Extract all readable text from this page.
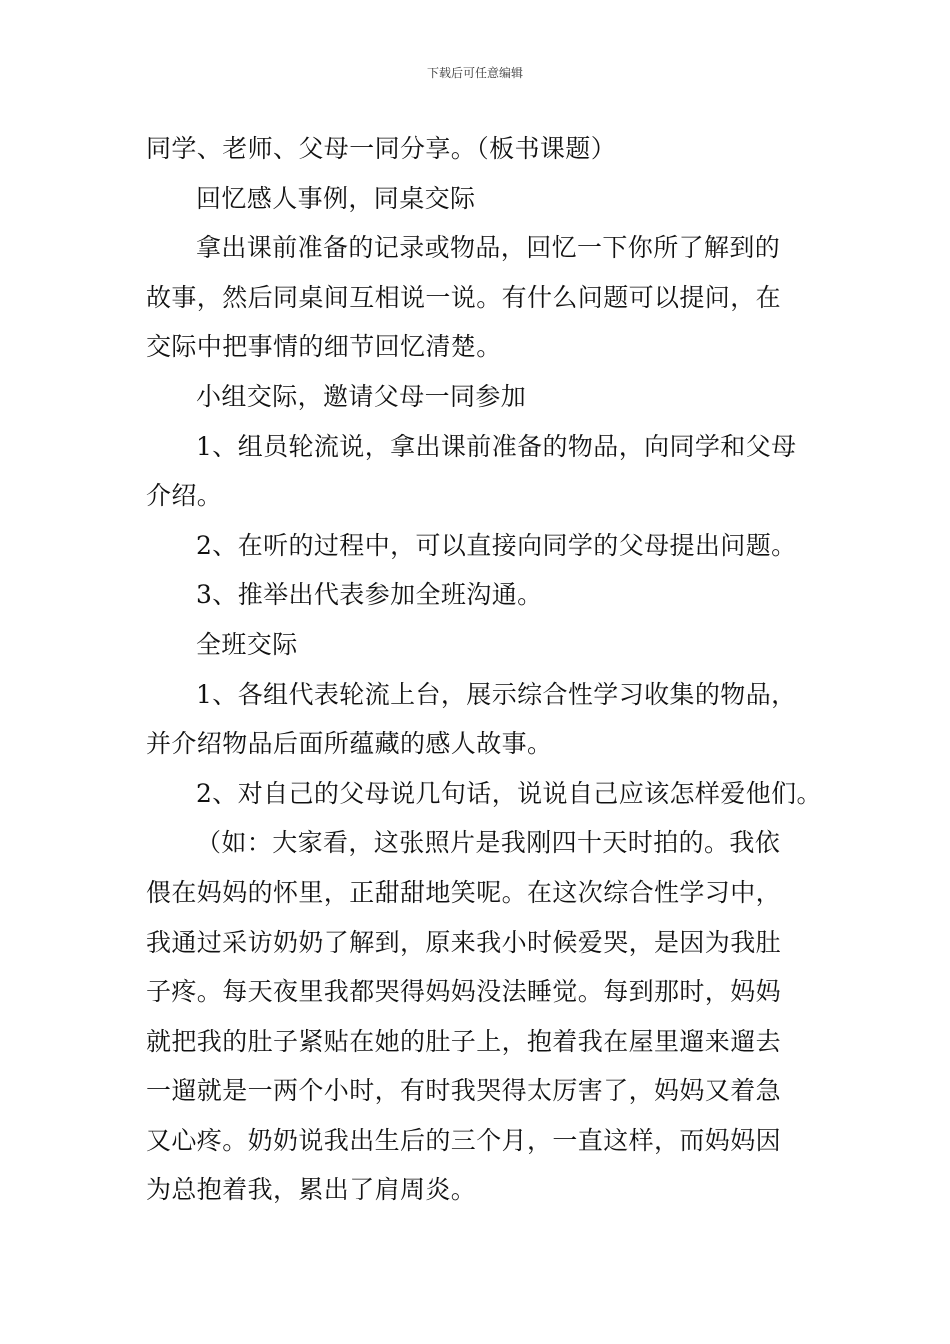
下载后可任意编辑
同学、老师、父母一同分享。（板书课题）
回忆感人事例，同桌交际
拿出课前准备的记录或物品，回忆一下你所了解到的
故事，然后同桌间互相说一说。有什么问题可以提问，在
交际中把事情的细节回忆清楚。
小组交际，邀请父母一同参加
1、组员轮流说，拿出课前准备的物品，向同学和父母
介绍。
2、在听的过程中，可以直接向同学的父母提出问题。
3、推举出代表参加全班沟通。
全班交际
1、各组代表轮流上台，展示综合性学习收集的物品，
并介绍物品后面所蕴藏的感人故事。
2、对自己的父母说几句话，说说自己应该怎样爱他们。
（如：大家看，这张照片是我刚四十天时拍的。我依
偎在妈妈的怀里，正甜甜地笑呢。在这次综合性学习中，
我通过采访奶奶了解到，原来我小时候爱哭，是因为我肚
子疼。每天夜里我都哭得妈妈没法睡觉。每到那时，妈妈
就把我的肚子紧贴在她的肚子上，抱着我在屋里遛来遛去
一遛就是一两个小时，有时我哭得太厉害了，妈妈又着急
又心疼。奶奶说我出生后的三个月，一直这样，而妈妈因
为总抱着我，累出了肩周炎。
